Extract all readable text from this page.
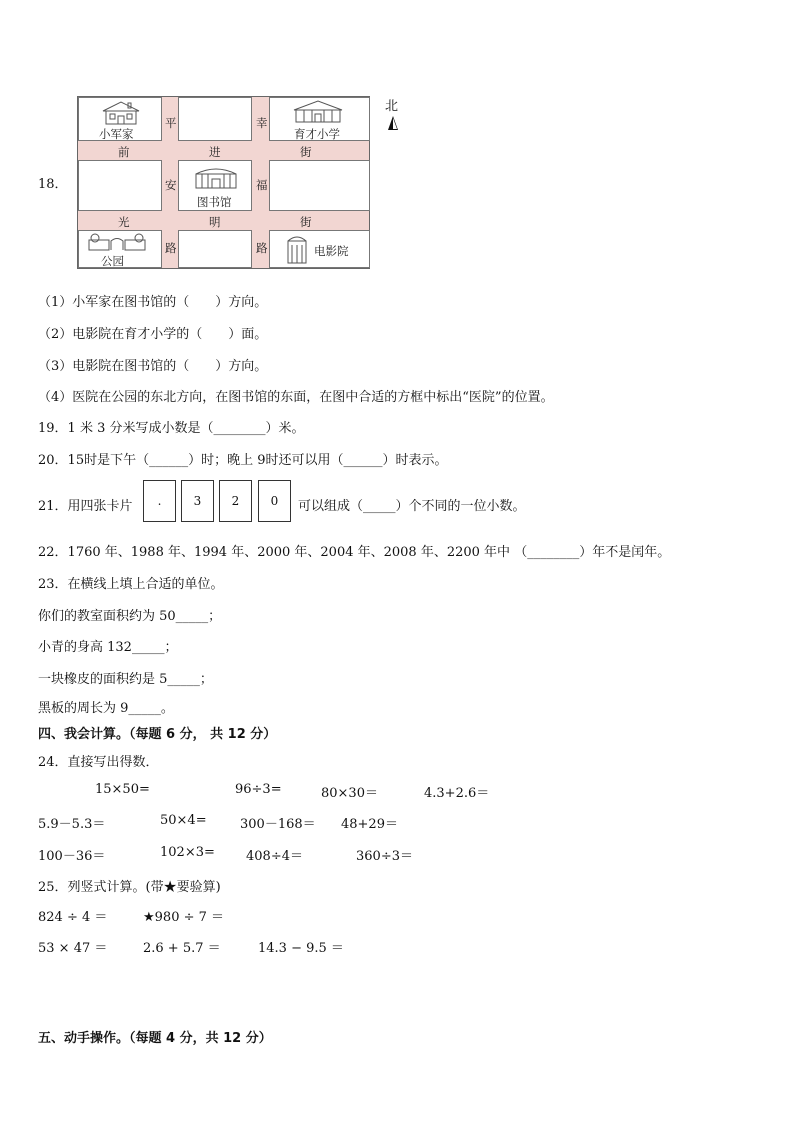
18．
小军家	育才小学
图书馆
公园
电影院
平	幸
前	进	街
安	福
光	明	街
路	路
北
（1）小军家在图书馆的（　　）方向。
（2）电影院在育才小学的（　　）面。
（3）电影院在图书馆的（　　）方向。
（4）医院在公园的东北方向，在图书馆的东面，在图中合适的方框中标出“医院”的位置。
19．1 米 3 分米写成小数是（________）米。
20．15时是下午（______）时；晚上 9时还可以用（______）时表示。
21．用四张卡片	.	3	2	0	可以组成（_____）个不同的一位小数。
22．1760 年、1988 年、1994 年、2000 年、2004 年、2008 年、2200 年中 （________）年不是闰年。
23．在横线上填上合适的单位。
你们的教室面积约为 50_____；
小青的身高 132_____；
一块橡皮的面积约是 5_____；
黑板的周长为 9_____。
四、我会计算。（每题 6 分， 共 12 分）
24．直接写出得数．
15×50=	96÷3=	80×30＝	4.3+2.6＝
5.9－5.3＝	50×4=	300－168＝ 48+29＝
100－36＝	102×3= 408÷4＝	360÷3＝
25．列竖式计算。(带★要验算)
824 ÷ 4 ＝	★980 ÷ 7 ＝
53 × 47 ＝	2.6 + 5.7 ＝	14.3 − 9.5 ＝
五、动手操作。（每题 4 分，共 12 分）
